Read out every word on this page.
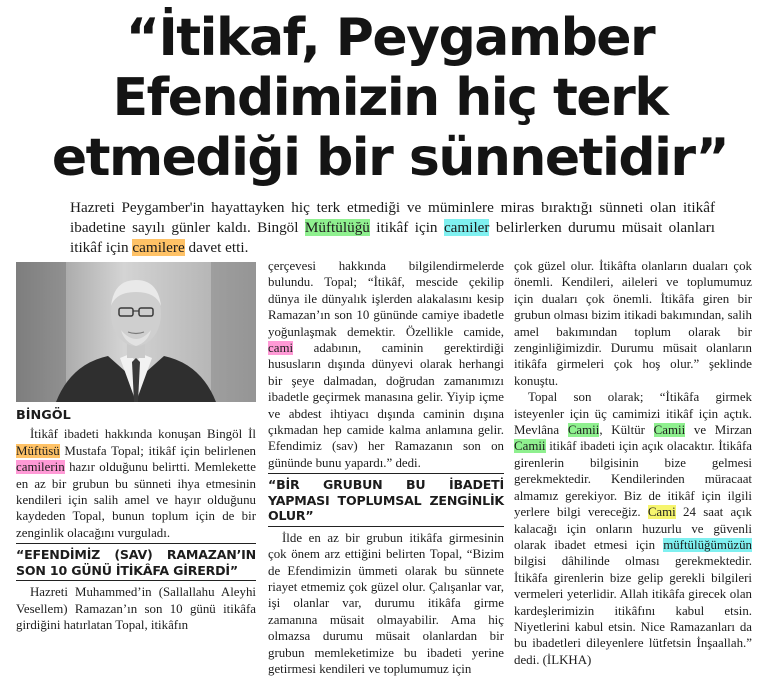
“İtikaf, Peygamber
Efendimizin hiç terk
etmediği bir sünnetidir”

Hazreti Peygamber'in hayattayken hiç terk etmediği ve müminlere miras bıraktığı sünneti olan itikâf ibadetine sayılı günler kaldı. Bingöl Müftülüğü itikâf için camiler belirlerken durumu müsait olanları itikâf için camilere davet etti.

BİNGÖL

İtikâf ibadeti hakkında konuşan Bingöl İl Müftüsü Mustafa Topal; itikâf için belirlenen camilerin hazır olduğunu belirtti. Memlekette en az bir grubun bu sünneti ihya etmesinin kendileri için salih amel ve hayır olduğunu kaydeden Topal, bunun toplum için de bir zenginlik olacağını vurguladı.

“EFENDİMİZ (SAV) RAMAZAN’IN SON 10 GÜNÜ İTİKÂFA GİRERDİ”

Hazreti Muhammed’in (Sallallahu Aleyhi Vesellem) Ramazan’ın son 10 günü itikâfa girdiğini hatırlatan Topal, itikâfın

çerçevesi hakkında bilgilendirmelerde bulundu. Topal; “İtikâf, mescide çekilip dünya ile dünyalık işlerden alakalasını kesip Ramazan’ın son 10 gününde camiye ibadetle yoğunlaşmak demektir. Özellikle camide, cami adabının, caminin gerektirdiği hususların dışında dünyevi olarak herhangi bir şeye dalmadan, doğrudan zamanımızı ibadetle geçirmek manasına gelir. Yiyip içme ve abdest ihtiyacı dışında caminin dışına çıkmadan hep camide kalma anlamına gelir. Efendimiz (sav) her Ramazanın son on gününde bunu yapardı.” dedi.

“BİR GRUBUN BU İBADETİ YAPMASI TOPLUMSAL ZENGİNLİK OLUR”

İlde en az bir grubun itikâfa girmesinin çok önem arz ettiğini belirten Topal, “Bizim de Efendimizin ümmeti olarak bu sünnete riayet etmemiz çok güzel olur. Çalışanlar var, işi olanlar var, durumu itikâfa girme zamanına müsait olmayabilir. Ama hiç olmazsa durumu müsait olanlardan bir grubun memleketimize bu ibadeti yerine getirmesi kendileri ve toplumumuz için

çok güzel olur. İtikâfta olanların duaları çok önemli. Kendileri, aileleri ve toplumumuz için duaları çok önemli. İtikâfa giren bir grubun olması bizim itikadi bakımından, salih amel bakımından toplum olarak bir zenginliğimizdir. Durumu müsait olanların itikâfa girmeleri çok hoş olur.” şeklinde konuştu.

Topal son olarak; “İtikâfa girmek isteyenler için üç camimizi itikâf için açtık. Mevlâna Camii, Kültür Camii ve Mirzan Camii itikâf ibadeti için açık olacaktır. İtikâfa girenlerin bilgisinin bize gelmesi gerekmektedir. Kendilerinden müracaat almamız gerekiyor. Biz de itikâf için ilgili yerlere bilgi vereceğiz. Cami 24 saat açık kalacağı için onların huzurlu ve güvenli olarak ibadet etmesi için müftülüğümüzün bilgisi dâhilinde olması gerekmektedir. İtikâfa girenlerin bize gelip gerekli bilgileri vermeleri yeterlidir. Allah itikâfa girecek olan kardeşlerimizin itikâfını kabul etsin. Niyetlerini kabul etsin. Nice Ramazanları da bu ibadetleri dileyenlere lütfetsin İnşaallah.” dedi. (İLKHA)
